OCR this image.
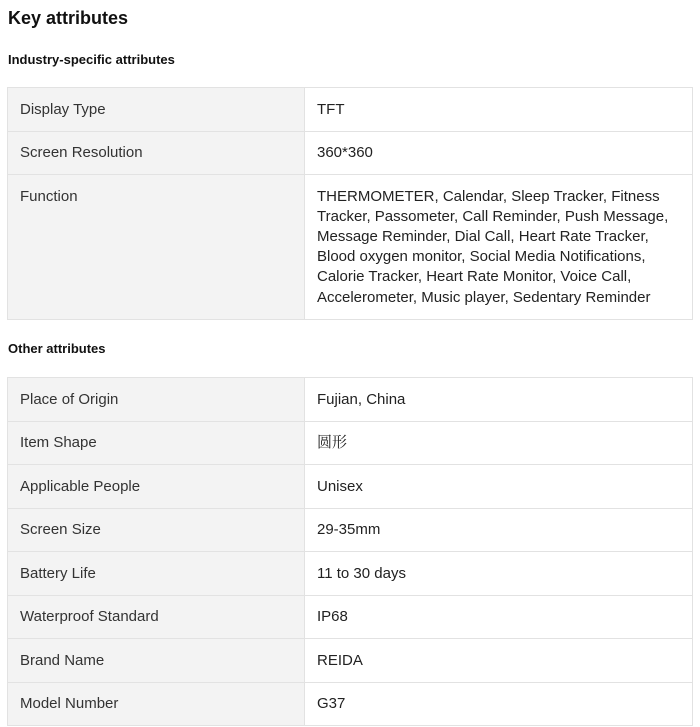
Key attributes
Industry-specific attributes
Display Type	TFT
Screen Resolution	360*360
Function	THERMOMETER, Calendar, Sleep Tracker, Fitness Tracker, Passometer, Call Reminder, Push Message, Message Reminder, Dial Call, Heart Rate Tracker, Blood oxygen monitor, Social Media Notifications, Calorie Tracker, Heart Rate Monitor, Voice Call, Accelerometer, Music player, Sedentary Reminder
Other attributes
Place of Origin	Fujian, China
Item Shape	圆形
Applicable People	Unisex
Screen Size	29-35mm
Battery Life	11 to 30 days
Waterproof Standard	IP68
Brand Name	REIDA
Model Number	G37
